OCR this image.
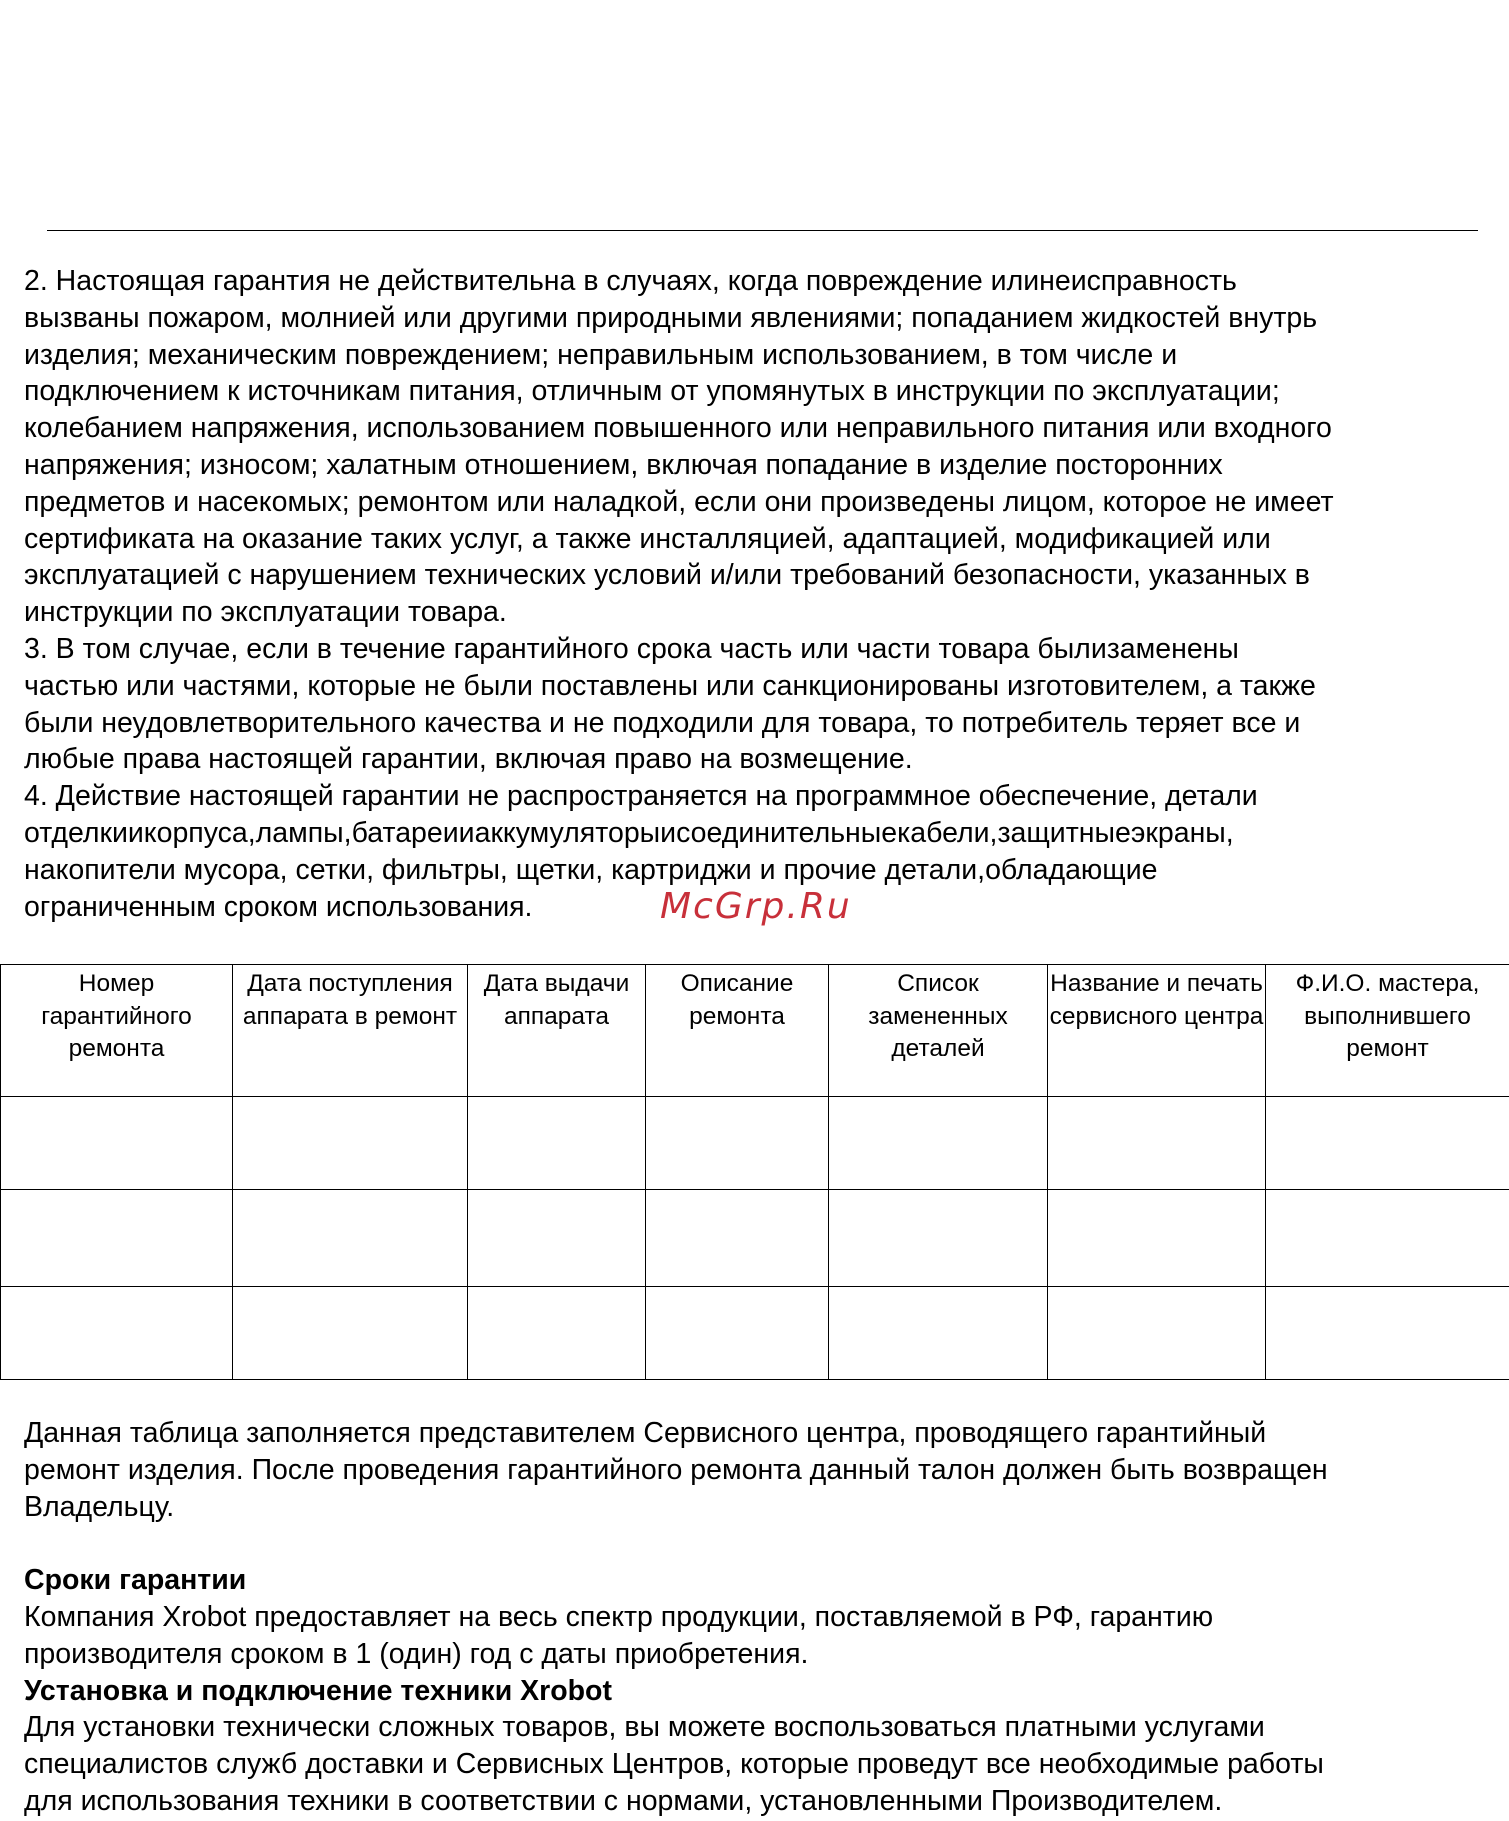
2. Настоящая гарантия не действительна в случаях, когда повреждение илинеисправность

вызваны пожаром, молнией или другими природными явлениями; попаданием жидкостей внутрь

изделия; механическим повреждением; неправильным использованием, в том числе и

подключением к источникам питания, отличным от упомянутых в инструкции по эксплуатации;

колебанием напряжения, использованием повышенного или неправильного питания или входного

напряжения; износом; халатным отношением, включая попадание в изделие посторонних

предметов и насекомых; ремонтом или наладкой, если они произведены лицом, которое не имеет

сертификата на оказание таких услуг, а также инсталляцией, адаптацией, модификацией или

эксплуатацией с нарушением технических условий и/или требований безопасности, указанных в

инструкции по эксплуатации товара.

3. В том случае, если в течение гарантийного срока часть или части товара былизаменены

частью или частями, которые не были поставлены или санкционированы изготовителем, а также

были неудовлетворительного качества и не подходили для товара, то потребитель теряет все и

любые права настоящей гарантии, включая право на возмещение.

4. Действие настоящей гарантии не распространяется на программное обеспечение, детали

отделкиикорпуса,лампы,батареииаккумуляторыисоединительныекабели,защитныеэкраны,

накопители мусора, сетки, фильтры, щетки, картриджи и прочие детали,обладающие

ограниченным сроком использования.	McGrp.Ru
Номер гарантийного ремонта	Дата поступления аппарата в ремонт	Дата выдачи аппарата	Описание ремонта	Список замененных деталей	Название и печать сервисного центра	Ф.И.О. мастера, выполнившего ремонт

Данная таблица заполняется представителем Сервисного центра, проводящего гарантийный

ремонт изделия. После проведения гарантийного ремонта данный талон должен быть возвращен

Владельцу.

Сроки гарантии

Компания Xrobot предоставляет на весь спектр продукции, поставляемой в РФ, гарантию

производителя сроком в 1 (один) год с даты приобретения.

Установка и подключение техники Xrobot

Для установки технически сложных товаров, вы можете воспользоваться платными услугами

специалистов служб доставки и Сервисных Центров, которые проведут все необходимые работы

для использования техники в соответствии с нормами, установленными Производителем.
